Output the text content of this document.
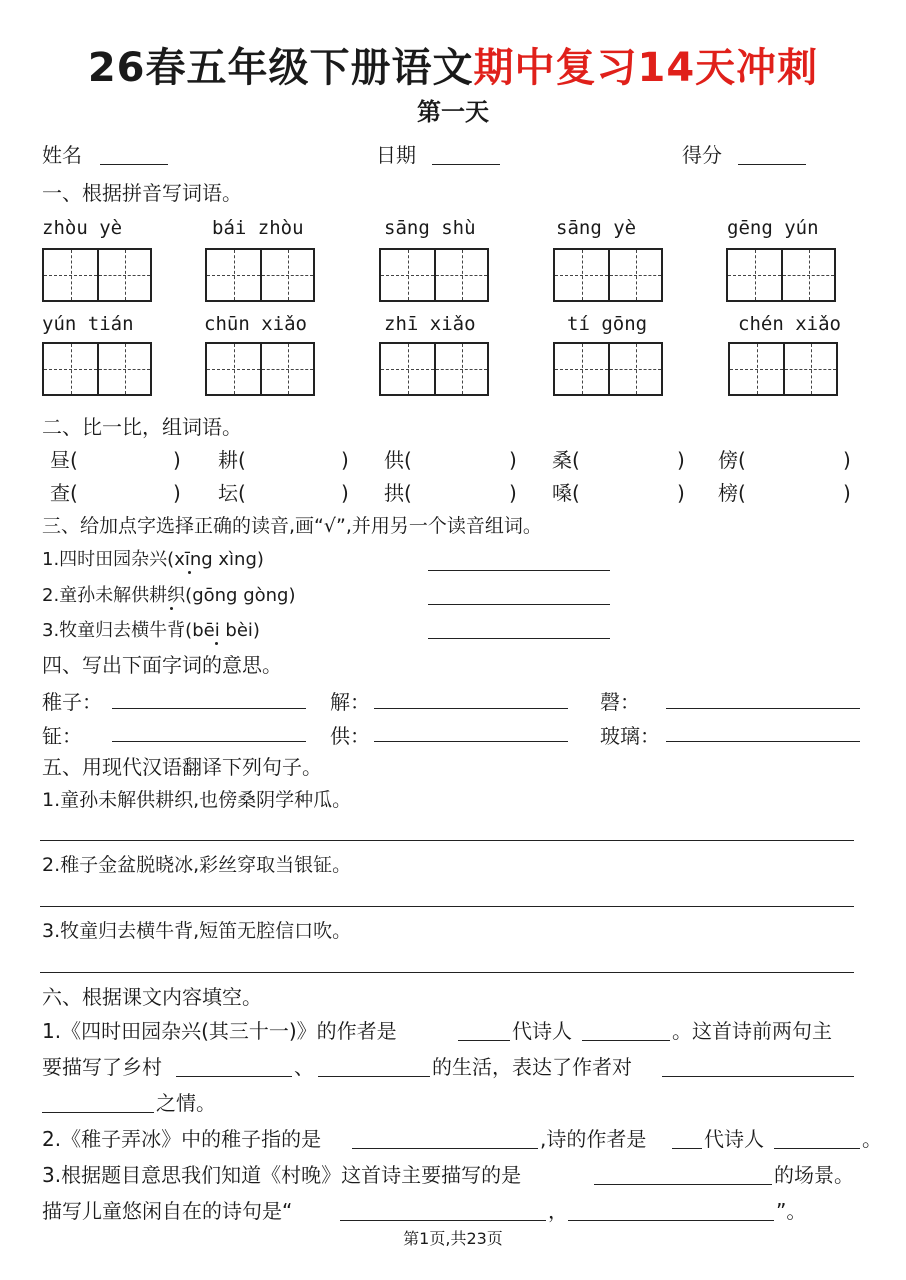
26春五年级下册语文期中复习14天冲刺
第一天
姓名	日期	得分
一、根据拼音写词语。
zhòu yè	bái zhòu	sāng shù	sāng yè	gēng yún
yún tián	chūn xiǎo	zhī xiǎo	tí gōng	chén xiǎo
二、比一比，组词语。
昼(	) 耕(	) 供(	) 桑(	) 傍(	)
查(	) 坛(	) 拱(	) 嗓(	) 榜(	)
三、给加点字选择正确的读音,画“√”,并用另一个读音组词。
1.四时田园杂兴(xīng xìng)
2.童孙未解供耕织(gōng gòng)
3.牧童归去横牛背(bēi bèi)
四、写出下面字词的意思。
稚子：	解：	磬：
钲：	供：	玻璃：
五、用现代汉语翻译下列句子。
1.童孙未解供耕织,也傍桑阴学种瓜。
2.稚子金盆脱晓冰,彩丝穿取当银钲。
3.牧童归去横牛背,短笛无腔信口吹。
六、根据课文内容填空。
1.《四时田园杂兴(其三十一)》的作者是	代诗人	。这首诗前两句主
要描写了乡村	、	的生活，表达了作者对
之情。
2.《稚子弄冰》中的稚子指的是	,诗的作者是	代诗人	。
3.根据题目意思我们知道《村晚》这首诗主要描写的是	的场景。
描写儿童悠闲自在的诗句是“	，	”。
第1页,共23页
